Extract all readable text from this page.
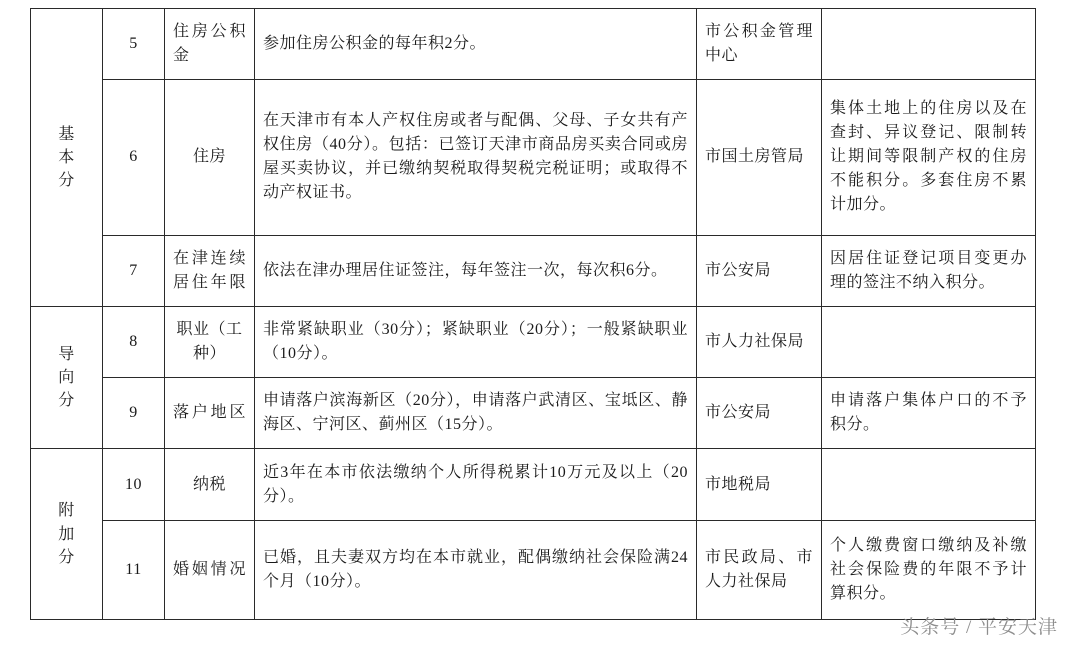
基本分	5	住房公积金	参加住房公积金的每年积2分。	市公积金管理中心	
	6	住房	在天津市有本人产权住房或者与配偶、父母、子女共有产权住房（40分）。包括：已签订天津市商品房买卖合同或房屋买卖协议，并已缴纳契税取得契税完税证明；或取得不动产权证书。	市国土房管局	集体土地上的住房以及在查封、异议登记、限制转让期间等限制产权的住房不能积分。多套住房不累计加分。
	7	在津连续居住年限	依法在津办理居住证签注，每年签注一次，每次积6分。	市公安局	因居住证登记项目变更办理的签注不纳入积分。

导向分	8	职业（工种）	非常紧缺职业（30分）；紧缺职业（20分）；一般紧缺职业（10分）。	市人力社保局	
	9	落户地区	申请落户滨海新区（20分），申请落户武清区、宝坻区、静海区、宁河区、蓟州区（15分）。	市公安局	申请落户集体户口的不予积分。

附加分	10	纳税	近3年在本市依法缴纳个人所得税累计10万元及以上（20分）。	市地税局	
	11	婚姻情况	已婚，且夫妻双方均在本市就业，配偶缴纳社会保险满24个月（10分）。	市民政局、市人力社保局	个人缴费窗口缴纳及补缴社会保险费的年限不予计算积分。
头条号 / 平安天津
